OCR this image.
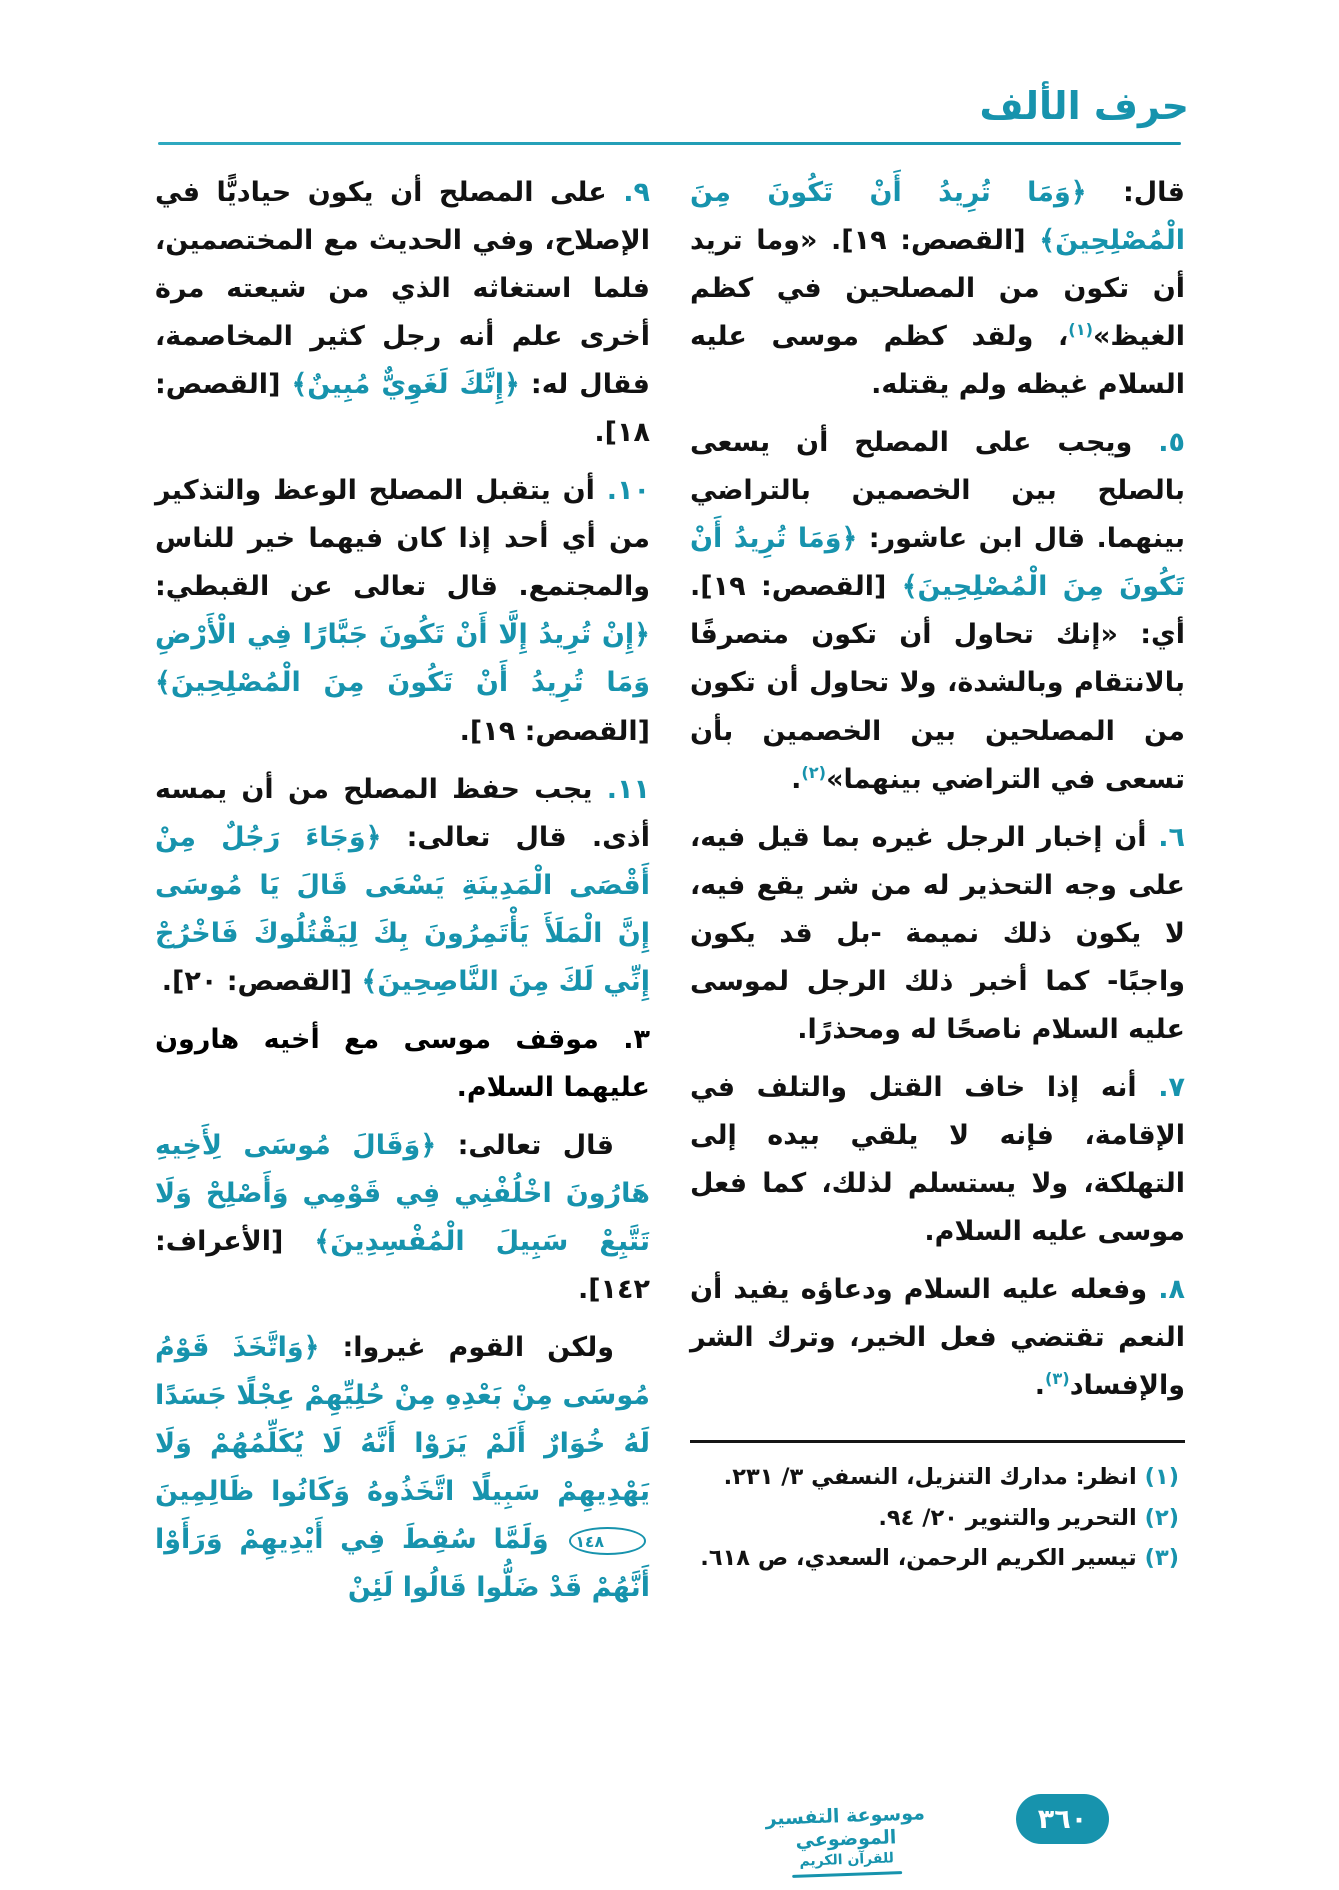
حرف الألف

قال: ﴿وَمَا تُرِيدُ أَنْ تَكُونَ مِنَ الْمُصْلِحِينَ﴾ [القصص: ١٩]. «وما تريد أن تكون من المصلحين في كظم الغيظ»$^{(١)}$، ولقد كظم موسى عليه السلام غيظه ولم يقتله.

٥. ويجب على المصلح أن يسعى بالصلح بين الخصمين بالتراضي بينهما. قال ابن عاشور: ﴿وَمَا تُرِيدُ أَنْ تَكُونَ مِنَ الْمُصْلِحِينَ﴾ [القصص: ١٩]. أي: «إنك تحاول أن تكون متصرفًا بالانتقام وبالشدة، ولا تحاول أن تكون من المصلحين بين الخصمين بأن تسعى في التراضي بينهما»$^{(٢)}$.

٦. أن إخبار الرجل غيره بما قيل فيه، على وجه التحذير له من شر يقع فيه، لا يكون ذلك نميمة -بل قد يكون واجبًا- كما أخبر ذلك الرجل لموسى عليه السلام ناصحًا له ومحذرًا.

٧. أنه إذا خاف القتل والتلف في الإقامة، فإنه لا يلقي بيده إلى التهلكة، ولا يستسلم لذلك، كما فعل موسى عليه السلام.

٨. وفعله عليه السلام ودعاؤه يفيد أن النعم تقتضي فعل الخير، وترك الشر والإفساد$^{(٣)}$.

(١)انظر: مدارك التنزيل، النسفي ٣/ ٢٣١.
(٢)التحرير والتنوير ٢٠/ ٩٤.
(٣)تيسير الكريم الرحمن، السعدي، ص ٦١٨.

٩. على المصلح أن يكون حياديًّا في الإصلاح، وفي الحديث مع المختصمين، فلما استغاثه الذي من شيعته مرة أخرى علم أنه رجل كثير المخاصمة، فقال له: ﴿إِنَّكَ لَغَوِيٌّ مُبِينٌ﴾ [القصص: ١٨].

١٠. أن يتقبل المصلح الوعظ والتذكير من أي أحد إذا كان فيهما خير للناس والمجتمع. قال تعالى عن القبطي: ﴿إِنْ تُرِيدُ إِلَّا أَنْ تَكُونَ جَبَّارًا فِي الْأَرْضِ وَمَا تُرِيدُ أَنْ تَكُونَ مِنَ الْمُصْلِحِينَ﴾ [القصص: ١٩].

١١. يجب حفظ المصلح من أن يمسه أذى. قال تعالى: ﴿وَجَاءَ رَجُلٌ مِنْ أَقْصَى الْمَدِينَةِ يَسْعَى قَالَ يَا مُوسَى إِنَّ الْمَلَأَ يَأْتَمِرُونَ بِكَ لِيَقْتُلُوكَ فَاخْرُجْ إِنِّي لَكَ مِنَ النَّاصِحِينَ﴾ [القصص: ٢٠].

٣. موقف موسى مع أخيه هارون عليهما السلام.

قال تعالى: ﴿وَقَالَ مُوسَى لِأَخِيهِ هَارُونَ اخْلُفْنِي فِي قَوْمِي وَأَصْلِحْ وَلَا تَتَّبِعْ سَبِيلَ الْمُفْسِدِينَ﴾ [الأعراف: ١٤٢].

ولكن القوم غيروا: ﴿وَاتَّخَذَ قَوْمُ مُوسَى مِنْ بَعْدِهِ مِنْ حُلِيِّهِمْ عِجْلًا جَسَدًا لَهُ خُوَارٌ أَلَمْ يَرَوْا أَنَّهُ لَا يُكَلِّمُهُمْ وَلَا يَهْدِيهِمْ سَبِيلًا اتَّخَذُوهُ وَكَانُوا ظَالِمِينَ ١٤٨ وَلَمَّا سُقِطَ فِي أَيْدِيهِمْ وَرَأَوْا أَنَّهُمْ قَدْ ضَلُّوا قَالُوا لَئِنْ

موسوعة التفسير الموضوعي
للقرآن الكريم
٣٦٠
